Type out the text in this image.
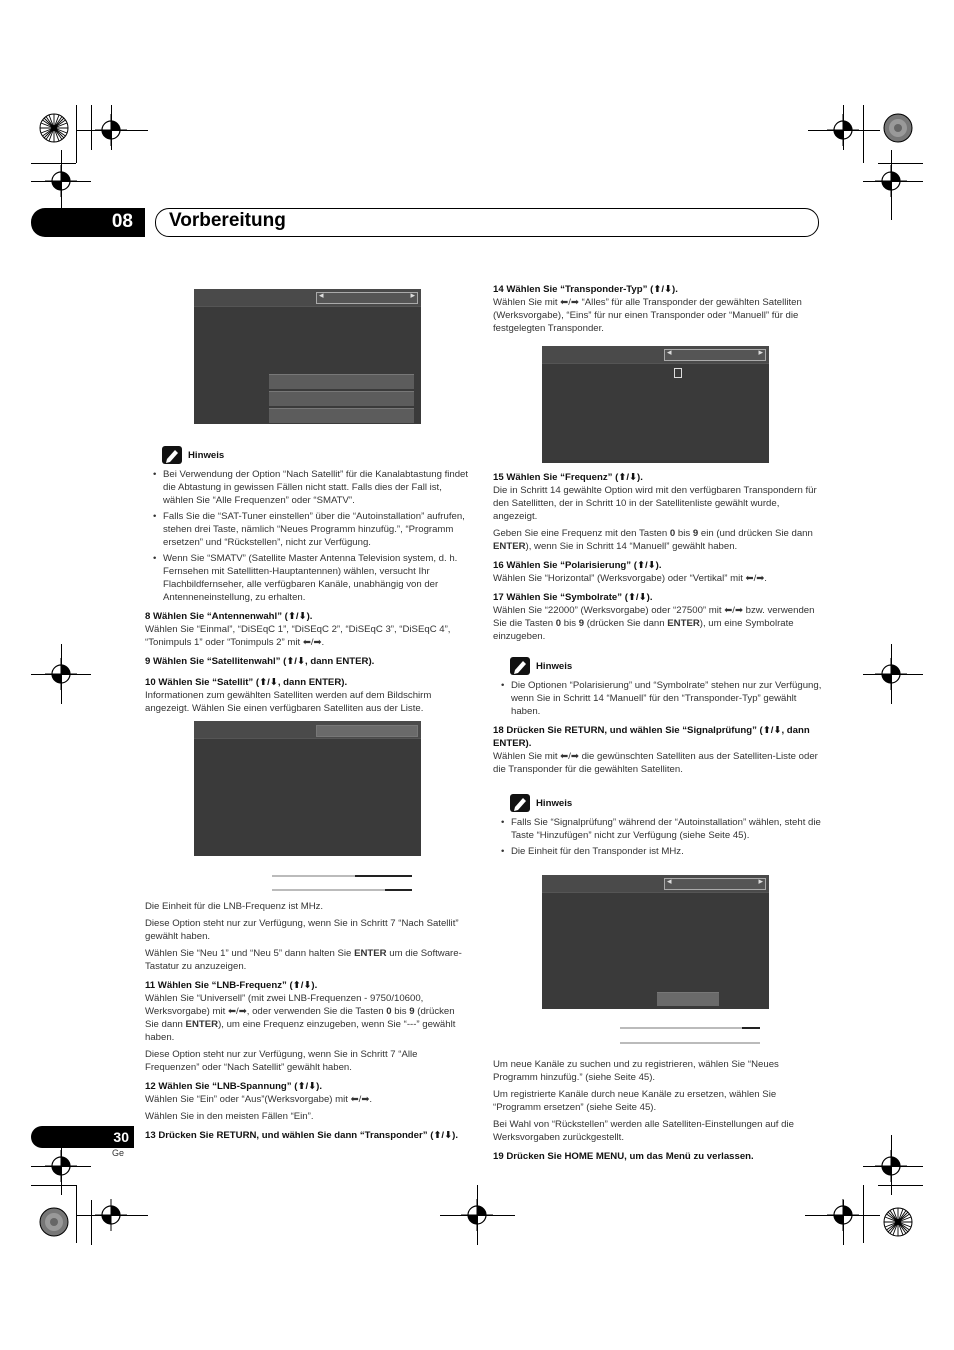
08 Vorbereitung
◂	▸
Hinweis
• Bei Verwendung der Option “Nach Satellit” für die Kanalabtastung findet die Abtastung in gewissen Fällen nicht statt. Falls dies der Fall ist, wählen Sie “Alle Frequenzen” oder “SMATV”.
• Falls Sie die “SAT-Tuner einstellen” über die “Autoinstallation” aufrufen, stehen drei Taste, nämlich “Neues Programm hinzufüg.”, “Programm ersetzen” und “Rückstellen”, nicht zur Verfügung.
• Wenn Sie “SMATV” (Satellite Master Antenna Television system, d. h. Fernsehen mit Satellitten-Hauptantennen) wählen, versucht Ihr Flachbildfernseher, alle verfügbaren Kanäle, unabhängig von der Antenneneinstellung, zu erhalten.

8 Wählen Sie “Antennenwahl” (⬆/⬇).

Wählen Sie “Einmal”, “DiSEqC 1”, “DiSEqC 2”, “DiSEqC 3”, “DiSEqC 4”, “Tonimpuls 1” oder “Tonimpuls 2” mit ⬅/➡.

9 Wählen Sie “Satellitenwahl” (⬆/⬇, dann ENTER).

10 Wählen Sie “Satellit” (⬆/⬇, dann ENTER).

Informationen zum gewählten Satelliten werden auf dem Bildschirm angezeigt. Wählen Sie einen verfügbaren Satelliten aus der Liste.

Die Einheit für die LNB-Frequenz ist MHz.

Diese Option steht nur zur Verfügung, wenn Sie in Schritt 7 “Nach Satellit” gewählt haben.

Wählen Sie “Neu 1” und “Neu 5” dann halten Sie ENTER um die Software-Tastatur zu anzuzeigen.

11 Wählen Sie “LNB-Frequenz” (⬆/⬇).

Wählen Sie “Universell” (mit zwei LNB-Frequenzen - 9750/10600, Werksvorgabe) mit ⬅/➡, oder verwenden Sie die Tasten 0 bis 9 (drücken Sie dann ENTER), um eine Frequenz einzugeben, wenn Sie “---” gewählt haben.

Diese Option steht nur zur Verfügung, wenn Sie in Schritt 7 “Alle Frequenzen” oder “Nach Satellit” gewählt haben.

12 Wählen Sie “LNB-Spannung” (⬆/⬇).

Wählen Sie “Ein” oder “Aus”(Werksvorgabe) mit ⬅/➡.

Wählen Sie in den meisten Fällen “Ein”.

13 Drücken Sie RETURN, und wählen Sie dann “Transponder” (⬆/⬇).

◂	▸
◂	▸

14 Wählen Sie “Transponder-Typ” (⬆/⬇).

Wählen Sie mit ⬅/➡ “Alles” für alle Transponder der gewählten Satelliten (Werksvorgabe), “Eins” für nur einen Transponder oder “Manuell” für die festgelegten Transponder.

15 Wählen Sie “Frequenz” (⬆/⬇).

Die in Schritt 14 gewählte Option wird mit den verfügbaren Transpondern für den Satellitten, der in Schritt 10 in der Satellitenliste gewählt wurde, angezeigt.

Geben Sie eine Frequenz mit den Tasten 0 bis 9 ein (und drücken Sie dann ENTER), wenn Sie in Schritt 14 “Manuell” gewählt haben.

16 Wählen Sie “Polarisierung” (⬆/⬇).

Wählen Sie “Horizontal” (Werksvorgabe) oder “Vertikal” mit ⬅/➡.

17 Wählen Sie “Symbolrate” (⬆/⬇).

Wählen Sie “22000” (Werksvorgabe) oder “27500” mit ⬅/➡ bzw. verwenden Sie die Tasten 0 bis 9 (drücken Sie dann ENTER), um eine Symbolrate einzugeben.

Hinweis
• Die Optionen “Polarisierung” und “Symbolrate” stehen nur zur Verfügung, wenn Sie in Schritt 14 “Manuell” für den “Transponder-Typ” gewählt haben.

18 Drücken Sie RETURN, und wählen Sie “Signalprüfung” (⬆/⬇, dann ENTER).

Wählen Sie mit ⬅/➡ die gewünschten Satelliten aus der Satelliten-Liste oder die Transponder für die gewählten Satelliten.

Hinweis
• Falls Sie “Signalprüfung” während der “Autoinstallation” wählen, steht die Taste “Hinzufügen” nicht zur Verfügung (siehe Seite 45).
• Die Einheit für den Transponder ist MHz.

Um neue Kanäle zu suchen und zu registrieren, wählen Sie “Neues Programm hinzufüg.” (siehe Seite 45).

Um registrierte Kanäle durch neue Kanäle zu ersetzen, wählen Sie “Programm ersetzen” (siehe Seite 45).

Bei Wahl von “Rückstellen” werden alle Satelliten-Einstellungen auf die Werksvorgaben zurückgestellt.

19 Drücken Sie HOME MENU, um das Menü zu verlassen.

30
Ge
